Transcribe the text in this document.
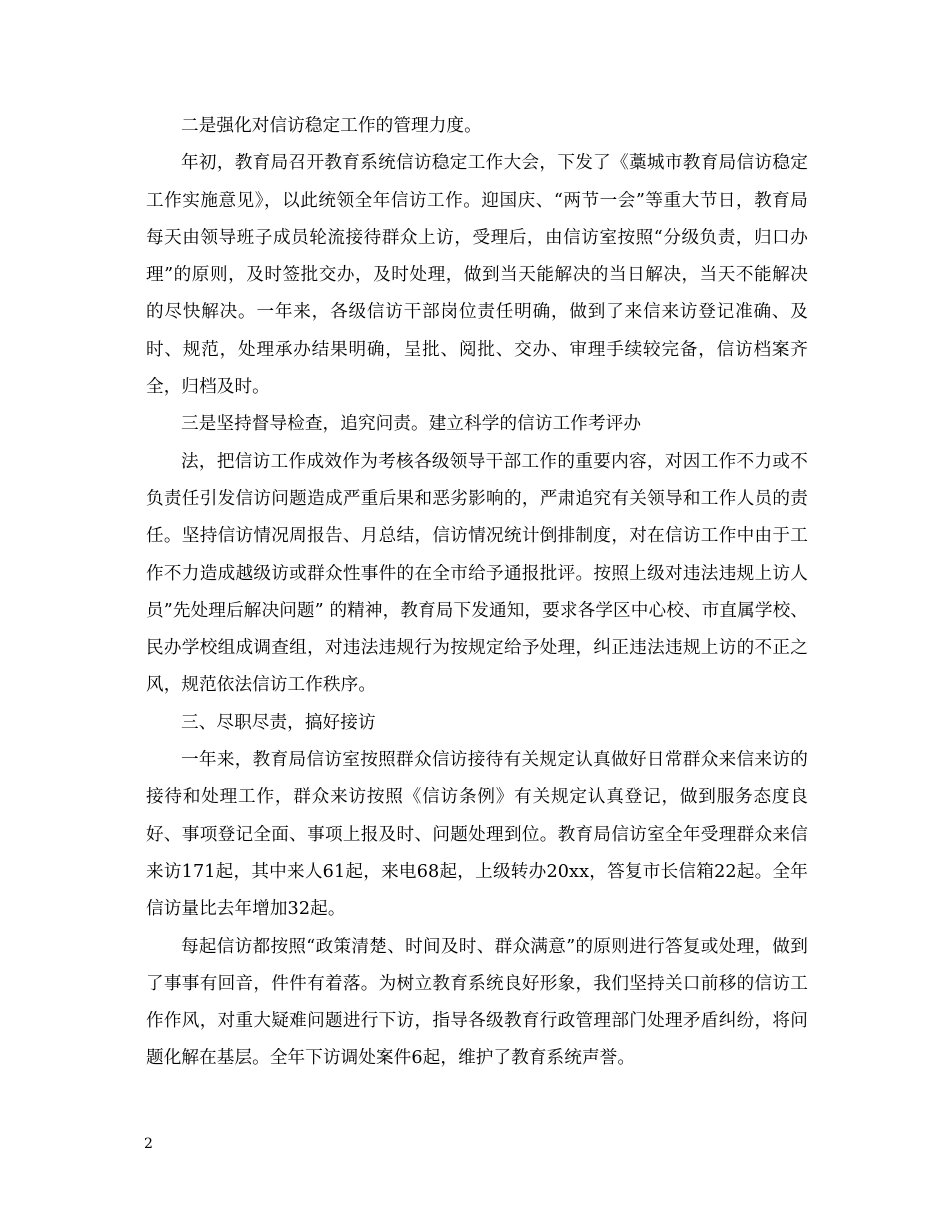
二是强化对信访稳定工作的管理力度。

年初，教育局召开教育系统信访稳定工作大会，下发了《藁城市教育局信访稳定工作实施意见》，以此统领全年信访工作。迎国庆、“两节一会”等重大节日，教育局每天由领导班子成员轮流接待群众上访，受理后，由信访室按照“分级负责，归口办理”的原则，及时签批交办，及时处理，做到当天能解决的当日解决，当天不能解决的尽快解决。一年来，各级信访干部岗位责任明确，做到了来信来访登记准确、及时、规范，处理承办结果明确，呈批、阅批、交办、审理手续较完备，信访档案齐全，归档及时。

三是坚持督导检查，追究问责。建立科学的信访工作考评办

法，把信访工作成效作为考核各级领导干部工作的重要内容，对因工作不力或不负责任引发信访问题造成严重后果和恶劣影响的，严肃追究有关领导和工作人员的责任。坚持信访情况周报告、月总结，信访情况统计倒排制度，对在信访工作中由于工作不力造成越级访或群众性事件的在全市给予通报批评。按照上级对违法违规上访人员”先处理后解决问题” 的精神，教育局下发通知，要求各学区中心校、市直属学校、民办学校组成调查组，对违法违规行为按规定给予处理，纠正违法违规上访的不正之风，规范依法信访工作秩序。

三、尽职尽责，搞好接访

一年来，教育局信访室按照群众信访接待有关规定认真做好日常群众来信来访的接待和处理工作，群众来访按照《信访条例》有关规定认真登记，做到服务态度良好、事项登记全面、事项上报及时、问题处理到位。教育局信访室全年受理群众来信来访171起，其中来人61起，来电68起，上级转办20xx，答复市长信箱22起。全年信访量比去年增加32起。

每起信访都按照“政策清楚、时间及时、群众满意”的原则进行答复或处理，做到了事事有回音，件件有着落。为树立教育系统良好形象，我们坚持关口前移的信访工作作风，对重大疑难问题进行下访，指导各级教育行政管理部门处理矛盾纠纷，将问题化解在基层。全年下访调处案件6起，维护了教育系统声誉。

2
